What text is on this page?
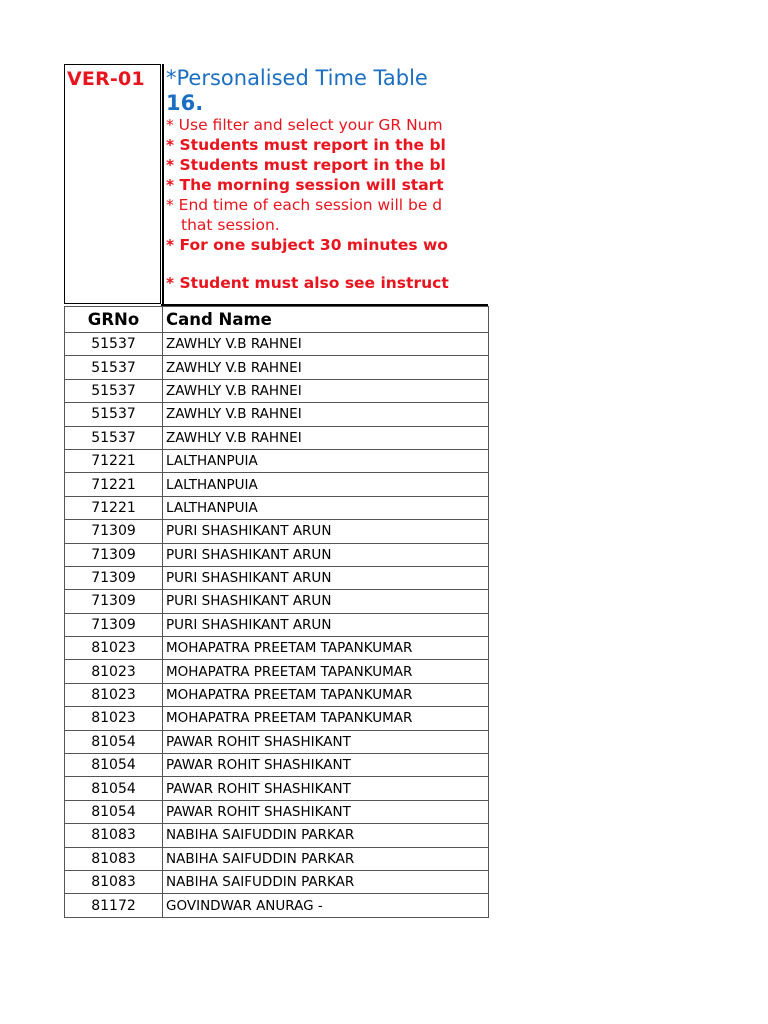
VER-01 *Personalised Time Table
16.
* Use filter and select your GR Num
* Students must report in the bl
* Students must report in the bl
* The morning session will start
* End time of each session will be d
that session.
* For one subject 30 minutes wo
* Student must also see instruct
GRNo	Cand Name
51537	ZAWHLY V.B RAHNEI
51537	ZAWHLY V.B RAHNEI
51537	ZAWHLY V.B RAHNEI
51537	ZAWHLY V.B RAHNEI
51537	ZAWHLY V.B RAHNEI
71221	LALTHANPUIA
71221	LALTHANPUIA
71221	LALTHANPUIA
71309	PURI SHASHIKANT ARUN
71309	PURI SHASHIKANT ARUN
71309	PURI SHASHIKANT ARUN
71309	PURI SHASHIKANT ARUN
71309	PURI SHASHIKANT ARUN
81023	MOHAPATRA PREETAM TAPANKUMAR
81023	MOHAPATRA PREETAM TAPANKUMAR
81023	MOHAPATRA PREETAM TAPANKUMAR
81023	MOHAPATRA PREETAM TAPANKUMAR
81054	PAWAR ROHIT SHASHIKANT
81054	PAWAR ROHIT SHASHIKANT
81054	PAWAR ROHIT SHASHIKANT
81054	PAWAR ROHIT SHASHIKANT
81083	NABIHA SAIFUDDIN PARKAR
81083	NABIHA SAIFUDDIN PARKAR
81083	NABIHA SAIFUDDIN PARKAR
81172	GOVINDWAR ANURAG -
